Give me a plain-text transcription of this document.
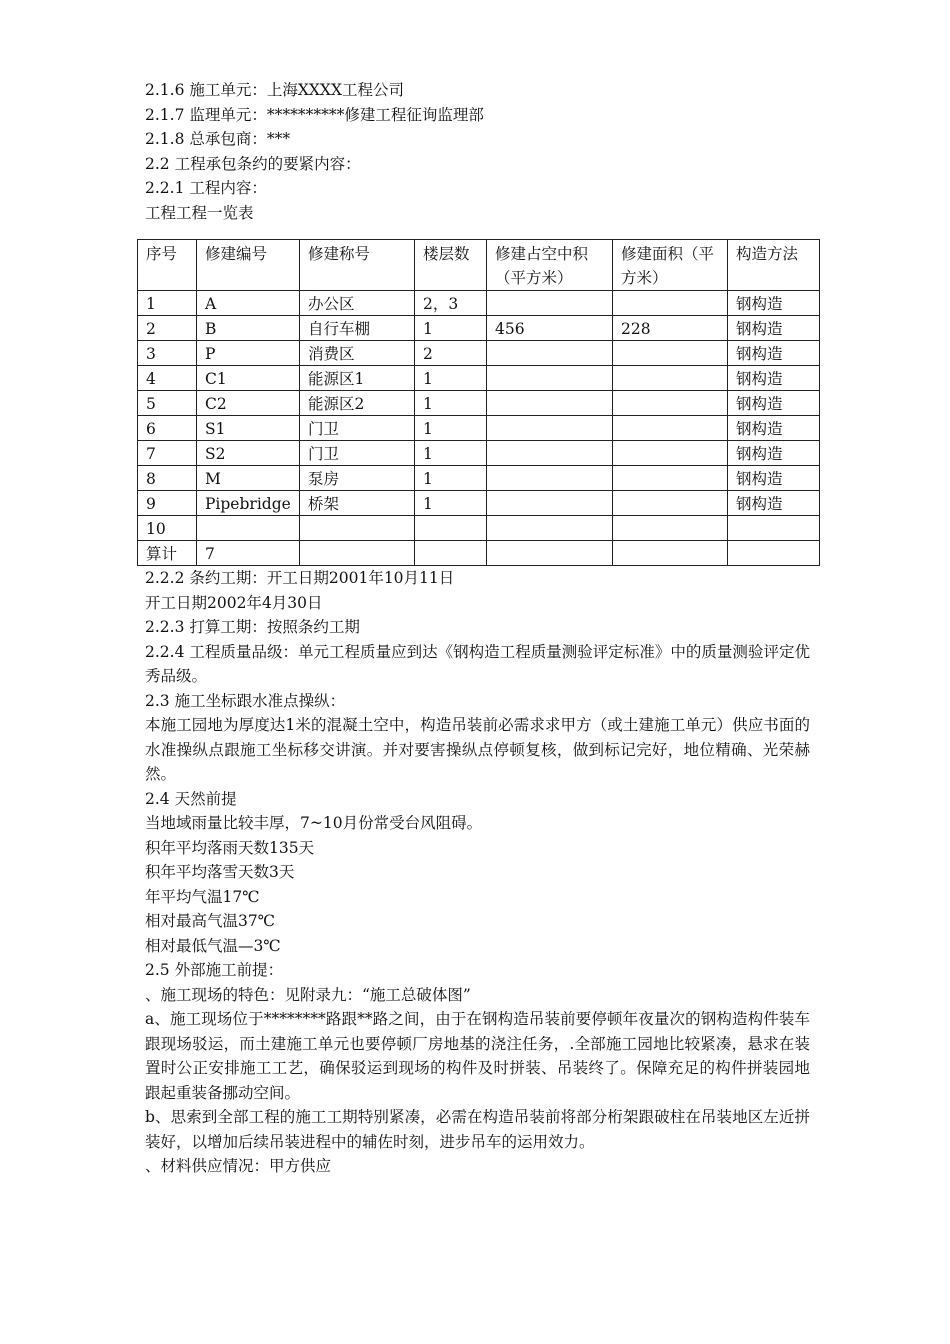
2.1.6 施工单元：上海XXXX工程公司
2.1.7 监理单元：**********修建工程征询监理部
2.1.8 总承包商：***
2.2 工程承包条约的要紧内容：
2.2.1 工程内容：
工程工程一览表
序号	修建编号	修建称号	楼层数	修建占空中积（平方米）	修建面积（平方米）	构造方法
1	A	办公区	2，3			钢构造
2	B	自行车棚	1	456	228	钢构造
3	P	消费区	2			钢构造
4	C1	能源区1	1			钢构造
5	C2	能源区2	1			钢构造
6	S1	门卫	1			钢构造
7	S2	门卫	1			钢构造
8	M	泵房	1			钢构造
9	Pipebridge	桥架	1			钢构造
10						
算计	7					
2.2.2 条约工期：开工日期2001年10月11日
开工日期2002年4月30日
2.2.3 打算工期：按照条约工期
2.2.4 工程质量品级：单元工程质量应到达《钢构造工程质量测验评定标准》中的质量测验评定优秀品级。
2.3 施工坐标跟水准点操纵：
本施工园地为厚度达1米的混凝土空中，构造吊装前必需求求甲方（或土建施工单元）供应书面的水准操纵点跟施工坐标移交讲演。并对要害操纵点停顿复核，做到标记完好，地位精确、光荣赫然。
2.4 天然前提
当地域雨量比较丰厚，7~10月份常受台风阻碍。
积年平均落雨天数135天
积年平均落雪天数3天
年平均气温17℃
相对最高气温37℃
相对最低气温—3℃
2.5 外部施工前提：
、施工现场的特色：见附录九：“施工总破体图”
a、施工现场位于********路跟**路之间，由于在钢构造吊装前要停顿年夜量次的钢构造构件装车跟现场驳运，而土建施工单元也要停顿厂房地基的浇注任务，.全部施工园地比较紧凑，悬求在装置时公正安排施工工艺，确保驳运到现场的构件及时拼装、吊装终了。保障充足的构件拼装园地跟起重装备挪动空间。
b、思索到全部工程的施工工期特别紧凑，必需在构造吊装前将部分桁架跟破柱在吊装地区左近拼装好，以增加后续吊装进程中的辅佐时刻，进步吊车的运用效力。
、材料供应情况：甲方供应
